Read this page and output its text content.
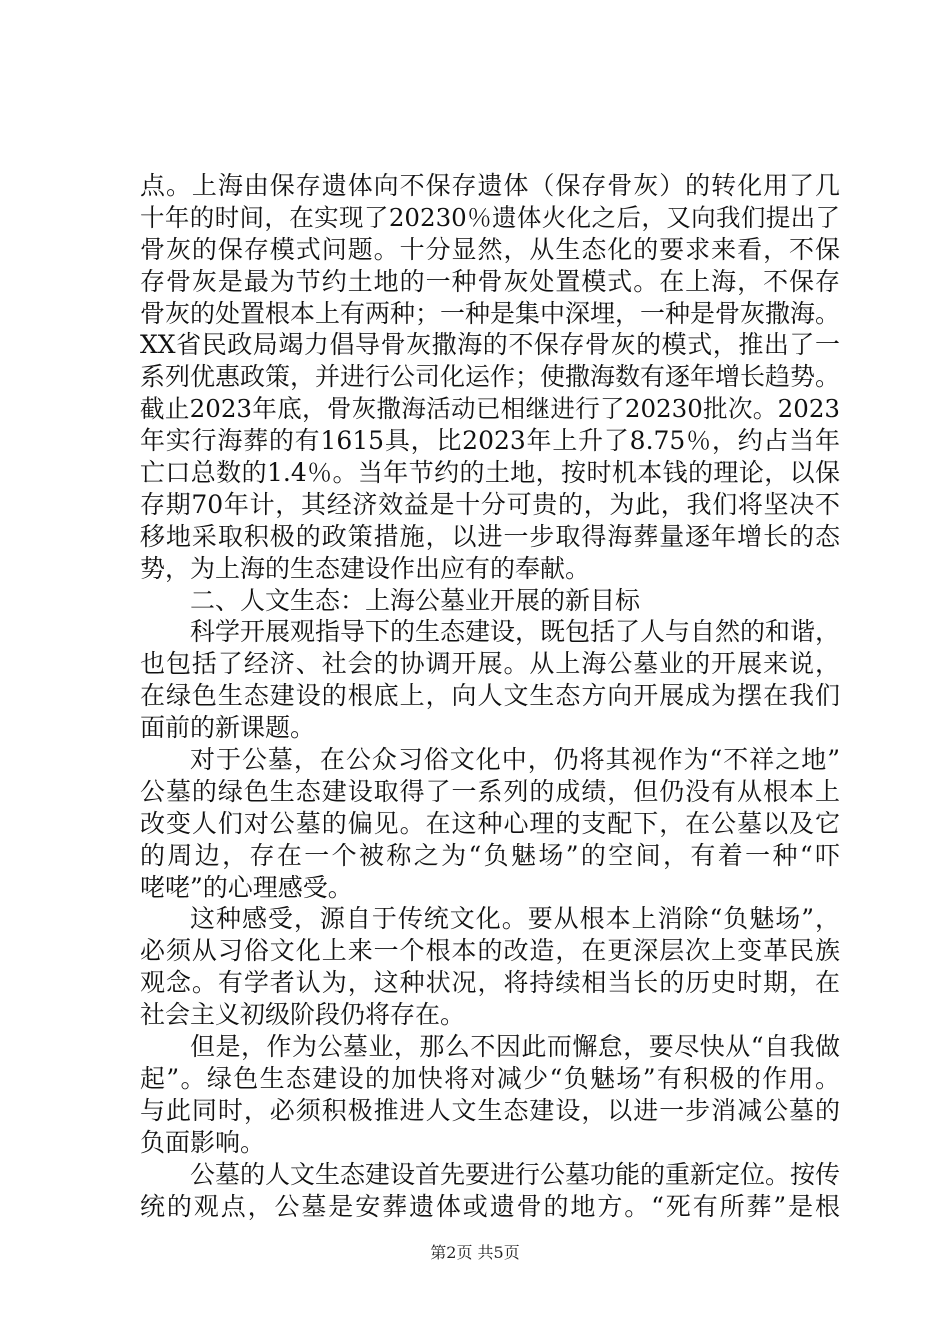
点。上海由保存遗体向不保存遗体（保存骨灰）的转化用了几
十年的时间，在实现了20230％遗体火化之后，又向我们提出了
骨灰的保存模式问题。十分显然，从生态化的要求来看，不保
存骨灰是最为节约土地的一种骨灰处置模式。在上海，不保存
骨灰的处置根本上有两种；一种是集中深埋，一种是骨灰撒海。
XX省民政局竭力倡导骨灰撒海的不保存骨灰的模式，推出了一
系列优惠政策，并进行公司化运作；使撒海数有逐年增长趋势。
截止2023年底，骨灰撒海活动已相继进行了20230批次。2023
年实行海葬的有1615具，比2023年上升了8.75％，约占当年
亡口总数的1.4％。当年节约的土地，按时机本钱的理论，以保
存期70年计，其经济效益是十分可贵的，为此，我们将坚决不
移地采取积极的政策措施，以进一步取得海葬量逐年增长的态
势，为上海的生态建设作出应有的奉献。
二、人文生态：上海公墓业开展的新目标
科学开展观指导下的生态建设，既包括了人与自然的和谐，
也包括了经济、社会的协调开展。从上海公墓业的开展来说，
在绿色生态建设的根底上，向人文生态方向开展成为摆在我们
面前的新课题。
对于公墓，在公众习俗文化中，仍将其视作为“不祥之地”
公墓的绿色生态建设取得了一系列的成绩，但仍没有从根本上
改变人们对公墓的偏见。在这种心理的支配下，在公墓以及它
的周边，存在一个被称之为“负魅场”的空间，有着一种“吓
咾咾”的心理感受。
这种感受，源自于传统文化。要从根本上消除“负魅场”，
必须从习俗文化上来一个根本的改造，在更深层次上变革民族
观念。有学者认为，这种状况，将持续相当长的历史时期，在
社会主义初级阶段仍将存在。
但是，作为公墓业，那么不因此而懈怠，要尽快从“自我做
起”。绿色生态建设的加快将对减少“负魅场”有积极的作用。
与此同时，必须积极推进人文生态建设，以进一步消减公墓的
负面影响。
公墓的人文生态建设首先要进行公墓功能的重新定位。按传
统的观点，公墓是安葬遗体或遗骨的地方。“死有所葬”是根
第2页 共5页
